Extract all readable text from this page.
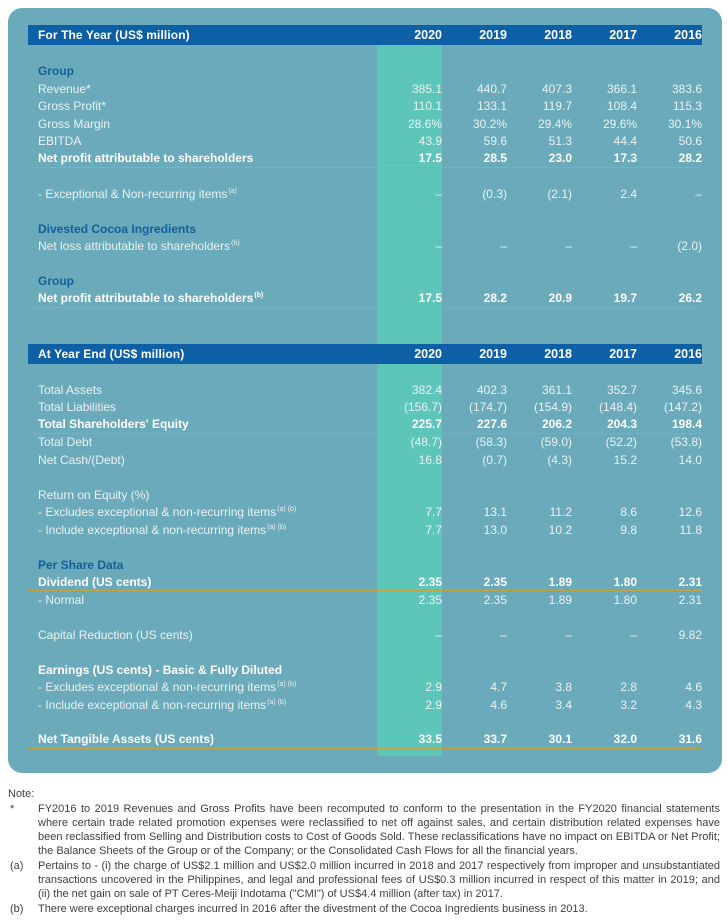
For The Year (US$ million)	2020	2019	2018	2017	2016
Group
Revenue*	385.1	440.7	407.3	366.1	383.6
Gross Profit*	110.1	133.1	119.7	108.4	115.3
Gross Margin	28.6%	30.2%	29.4%	29.6%	30.1%
EBITDA	43.9	59.6	51.3	44.4	50.6
Net profit attributable to shareholders	17.5	28.5	23.0	17.3	28.2
- Exceptional & Non-recurring items$^{(a)}$	–	(0.3)	(2.1)	2.4	–
Divested Cocoa Ingredients
Net loss attributable to shareholders$^{(b)}$	–	–	–	–	(2.0)
Group
Net profit attributable to shareholders$^{(b)}$	17.5	28.2	20.9	19.7	26.2
At Year End (US$ million)	2020	2019	2018	2017	2016
Total Assets	382.4	402.3	361.1	352.7	345.6
Total Liabilities	(156.7)	(174.7)	(154.9)	(148.4)	(147.2)
Total Shareholders' Equity	225.7	227.6	206.2	204.3	198.4
Total Debt	(48.7)	(58.3)	(59.0)	(52.2)	(53.8)
Net Cash/(Debt)	16.8	(0.7)	(4.3)	15.2	14.0
Return on Equity (%)
- Excludes exceptional & non-recurring items$^{(a) (b)}$	7.7	13.1	11.2	8.6	12.6
- Include exceptional & non-recurring items$^{(a) (b)}$	7.7	13.0	10.2	9.8	11.8
Per Share Data
Dividend (US cents)	2.35	2.35	1.89	1.80	2.31
- Normal	2.35	2.35	1.89	1.80	2.31
Capital Reduction (US cents)	–	–	–	–	9.82
Earnings (US cents) - Basic & Fully Diluted
- Excludes exceptional & non-recurring items$^{(a) (b)}$	2.9	4.7	3.8	2.8	4.6
- Include exceptional & non-recurring items$^{(a) (b)}$	2.9	4.6	3.4	3.2	4.3
Net Tangible Assets (US cents)	33.5	33.7	30.1	32.0	31.6
Note:
*	FY2016 to 2019 Revenues and Gross Profits have been recomputed to conform to the presentation in the FY2020 financial statements where certain trade related promotion expenses were reclassified to net off against sales, and certain distribution related expenses have been reclassified from Selling and Distribution costs to Cost of Goods Sold. These reclassifications have no impact on EBITDA or Net Profit; the Balance Sheets of the Group or of the Company; or the Consolidated Cash Flows for all the financial years.
(a)	Pertains to - (i) the charge of US$2.1 million and US$2.0 million incurred in 2018 and 2017 respectively from improper and unsubstantiated transactions uncovered in the Philippines, and legal and professional fees of US$0.3 million incurred in respect of this matter in 2019; and (ii) the net gain on sale of PT Ceres-Meiji Indotama ("CMI") of US$4.4 million (after tax) in 2017.
(b)	There were exceptional charges incurred in 2016 after the divestment of the Cocoa Ingredients business in 2013.
